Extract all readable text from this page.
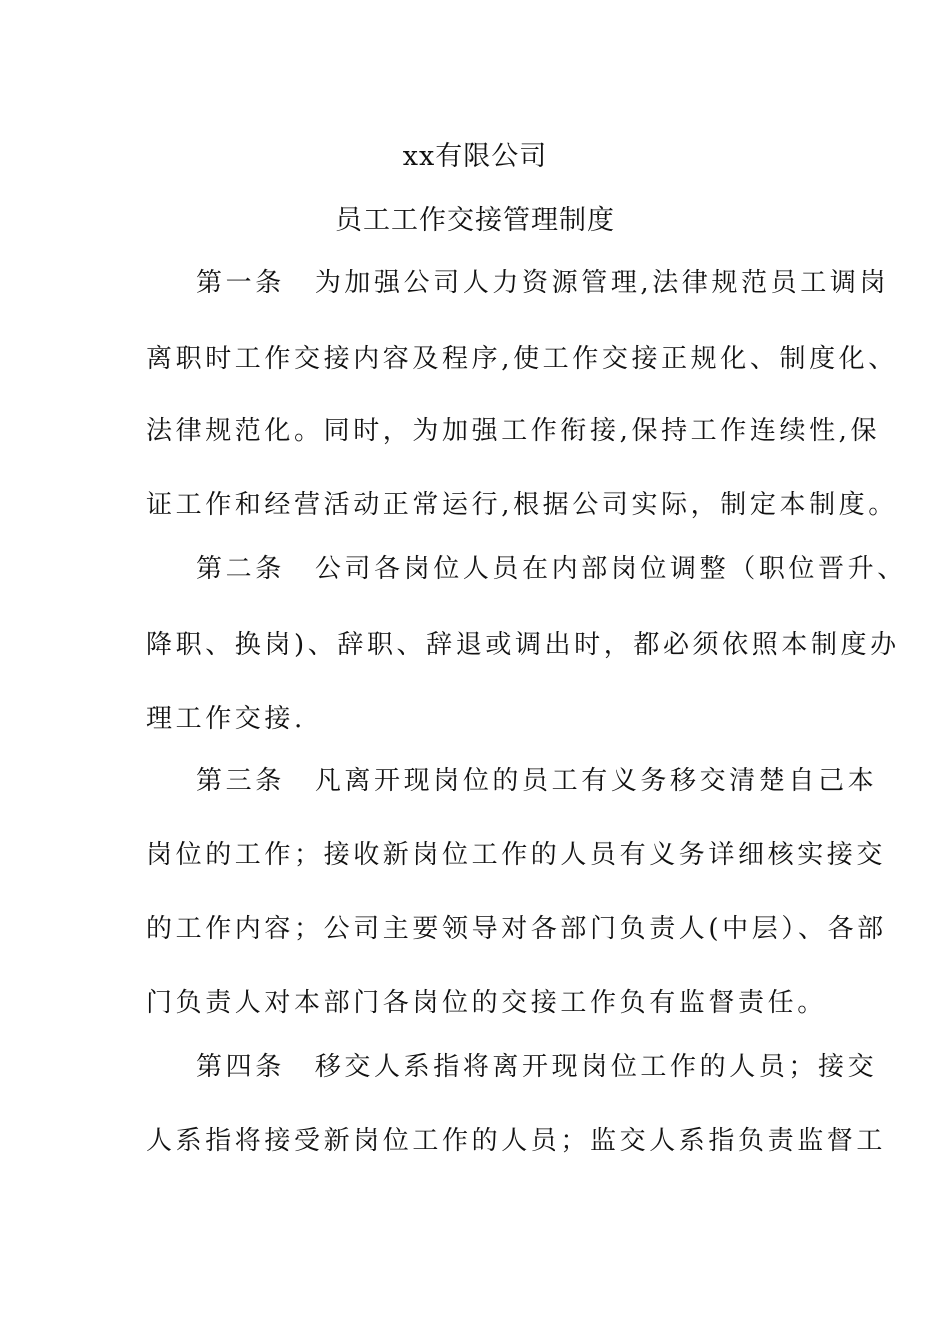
xx有限公司
员工工作交接管理制度

第一条 为加强公司人力资源管理,法律规范员工调岗

离职时工作交接内容及程序,使工作交接正规化、制度化、

法律规范化。同时，为加强工作衔接,保持工作连续性,保

证工作和经营活动正常运行,根据公司实际，制定本制度。

第二条 公司各岗位人员在内部岗位调整（职位晋升、

降职、换岗)、辞职、辞退或调出时，都必须依照本制度办

理工作交接.

第三条 凡离开现岗位的员工有义务移交清楚自己本

岗位的工作；接收新岗位工作的人员有义务详细核实接交

的工作内容；公司主要领导对各部门负责人(中层）、各部

门负责人对本部门各岗位的交接工作负有监督责任。

第四条 移交人系指将离开现岗位工作的人员；接交

人系指将接受新岗位工作的人员；监交人系指负责监督工
